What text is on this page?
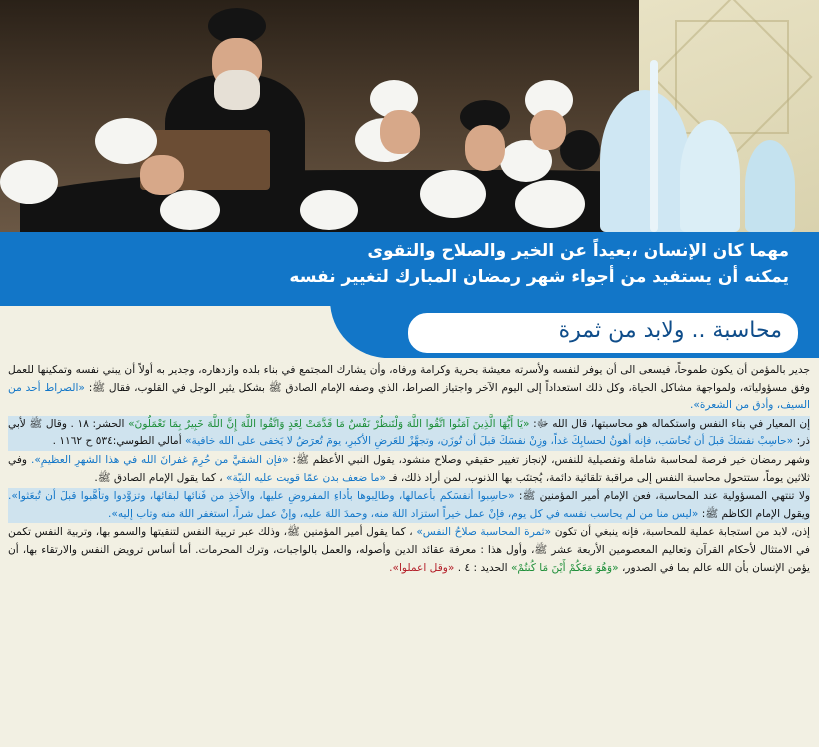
مهما كان الإنسان ،بعيداً عن الخير والصلاح والتقوى
يمكنه أن يستفيد من أجواء شهر رمضان المبارك لتغيير نفسه
محاسبة .. ولابد من ثمرة

جدير بالمؤمن أن يكون طموحاً، فيسعى الى أن يوفر لنفسه ولأسرته معيشة بحرية وكرامة ورفاه، وأن يشارك المجتمع في بناء بلده وازدهاره، وجدير به أولاً أن يبني نفسه وتمكينها للعمل وفق مسؤولياته، ولمواجهة مشاكل الحياة، وكل ذلك استعداداً إلى اليوم الآخر واجتياز الصراط، الذي وصفه الإمام الصادق ﷺ بشكل يثير الوجل في القلوب، فقال ﷺ: «الصراط أحد من السيف، وأدق من الشعرة».

إن المعيار في بناء النفس واستكماله هو محاسبتها، قال الله ﷻ: «يَا أَيُّهَا الَّذِينَ آمَنُوا اتَّقُوا اللَّهَ وَلْتَنظُرْ نَفْسٌ مَا قَدَّمَتْ لِغَدٍ وَاتَّقُوا اللَّهَ إِنَّ اللَّهَ خَبِيرٌ بِمَا تَعْمَلُونَ» الحشر: ١٨ . وقال ﷺ لأبي ذر: «حاسِبْ نفسَكَ قبلَ أن تُحاسَب، فإنه أهونُ لحسابِكَ غداً، وزِنْ نفسَكَ قبلَ أن تُوزَن، وتجهَّزْ للعَرضِ الأكبرِ، يومَ تُعرَضُ لا يَخفى على الله خافية» أمالي الطوسي:٥٣٤ ح ١١٦٢ .

وشهر رمضان خير فرصة لمحاسبة شاملة وتفصيلية للنفس، لإنجاز تغيير حقيقي وصلاح منشود، يقول النبي الأعظم ﷺ: «فإن الشقيَّ من حُرِمَ غفرانَ الله في هذا الشهرِ العظيمِ». وفي ثلاثين يوماً، ستتحول محاسبة النفس إلى مراقبة تلقائية دائمة، يُجتنَب بها الذنوب، لمن أراد ذلك، فـ «ما ضعف بدن عمّا قويت عليه النيّة» ، كما يقول الإمام الصادق ﷺ.

ولا تنتهي المسؤولية عند المحاسبة، فعن الإمام أمير المؤمنين ﷺ: «حاسِبوا أنفسَكم بأعمالها، وطالِبوها بأداءِ المفروضِ عليها، والأخذِ من فَنائها لبقائها، وتزوَّدوا وتأهَّبوا قبلَ أن تُبعَثوا». ويقول الإمام الكاظم ﷺ: «ليس منا من لم يحاسب نفسه في كل يوم، فإنْ عمل خيراً استزاد اللهَ منه، وحمدَ اللهَ عليه، وإنْ عمل شراً، استغفر اللهَ منه وتاب إليه».

إذن، لابد من استجابة عملية للمحاسبة، فإنه ينبغي أن تكون «ثمرة المحاسبة صلاحُ النفس» ، كما يقول أمير المؤمنين ﷺ، وذلك عبر تربية النفس لتنقيتها والسمو بها، وتربية النفس تكمن في الامتثال لأحكام القرآن وتعاليم المعصومين الأربعة عشر ﷺ، وأول هذا : معرفة عقائد الدين وأصوله، والعمل بالواجبات، وترك المحرمات. أما أساس ترويض النفس والارتقاء بها، أن يؤمن الإنسان بأن الله عالم بما في الصدور، «وَهُوَ مَعَكُمْ أَيْنَ مَا كُنتُمْ» الحديد : ٤ . «وقل اعملوا».
